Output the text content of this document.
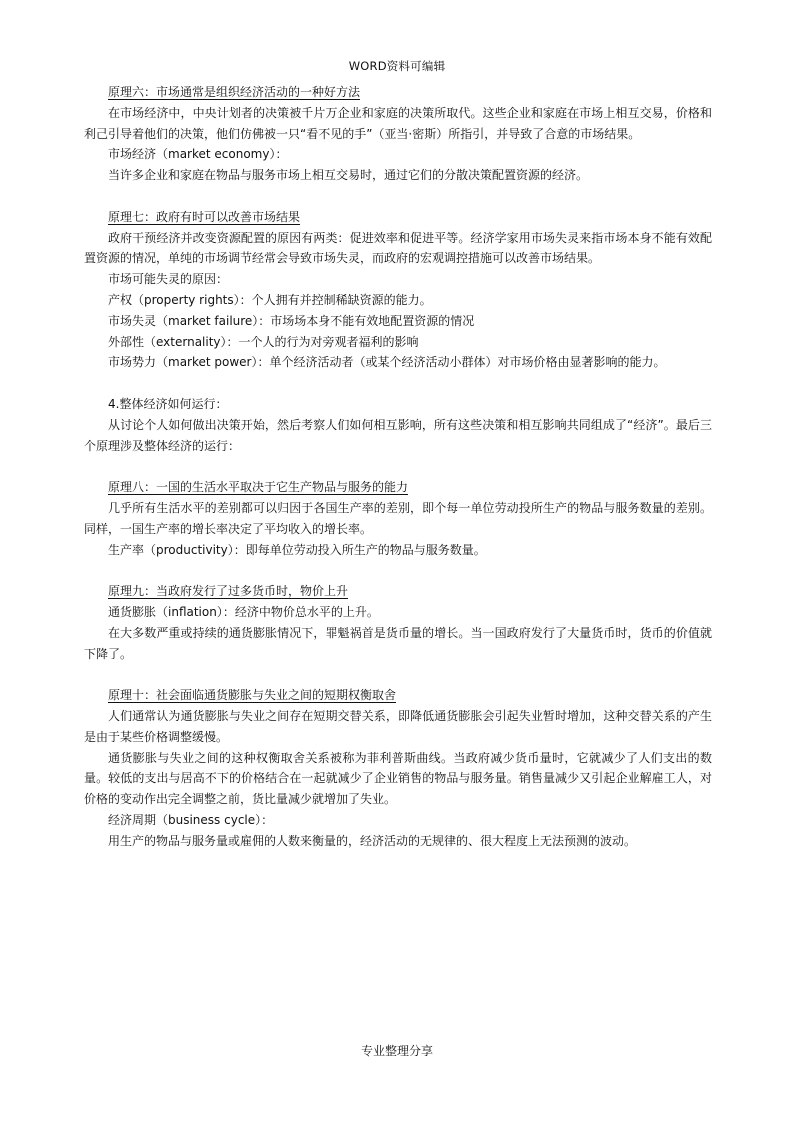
WORD资料可编辑

原理六：市场通常是组织经济活动的一种好方法

在市场经济中，中央计划者的决策被千片万企业和家庭的决策所取代。这些企业和家庭在市场上相互交易，价格和利己引导着他们的决策，他们仿佛被一只“看不见的手”（亚当·密斯）所指引，并导致了合意的市场结果。

市场经济（market economy）：

当许多企业和家庭在物品与服务市场上相互交易时，通过它们的分散决策配置资源的经济。

原理七：政府有时可以改善市场结果

政府干预经济并改变资源配置的原因有两类：促进效率和促进平等。经济学家用市场失灵来指市场本身不能有效配置资源的情况，单纯的市场调节经常会导致市场失灵，而政府的宏观调控措施可以改善市场结果。

市场可能失灵的原因：

产权（property rights）：个人拥有并控制稀缺资源的能力。

市场失灵（market failure）：市场场本身不能有效地配置资源的情况

外部性（externality）：一个人的行为对旁观者福利的影响

市场势力（market power）：单个经济活动者（或某个经济活动小群体）对市场价格由显著影响的能力。

4.整体经济如何运行：

从讨论个人如何做出决策开始，然后考察人们如何相互影响，所有这些决策和相互影响共同组成了“经济”。最后三个原理涉及整体经济的运行：

原理八：一国的生活水平取决于它生产物品与服务的能力

几乎所有生活水平的差别都可以归因于各国生产率的差别，即个每一单位劳动投所生产的物品与服务数量的差别。同样，一国生产率的增长率决定了平均收入的增长率。

生产率（productivity）：即每单位劳动投入所生产的物品与服务数量。

原理九：当政府发行了过多货币时，物价上升

通货膨胀（inflation）：经济中物价总水平的上升。

在大多数严重或持续的通货膨胀情况下，罪魁祸首是货币量的增长。当一国政府发行了大量货币时，货币的价值就下降了。

原理十：社会面临通货膨胀与失业之间的短期权衡取舍

人们通常认为通货膨胀与失业之间存在短期交替关系，即降低通货膨胀会引起失业暂时增加，这种交替关系的产生是由于某些价格调整缓慢。

通货膨胀与失业之间的这种权衡取舍关系被称为菲利普斯曲线。当政府减少货币量时，它就减少了人们支出的数量。较低的支出与居高不下的价格结合在一起就减少了企业销售的物品与服务量。销售量减少又引起企业解雇工人，对价格的变动作出完全调整之前，货比量减少就增加了失业。

经济周期（business cycle）：

用生产的物品与服务量或雇佣的人数来衡量的，经济活动的无规律的、很大程度上无法预测的波动。

专业整理分享
